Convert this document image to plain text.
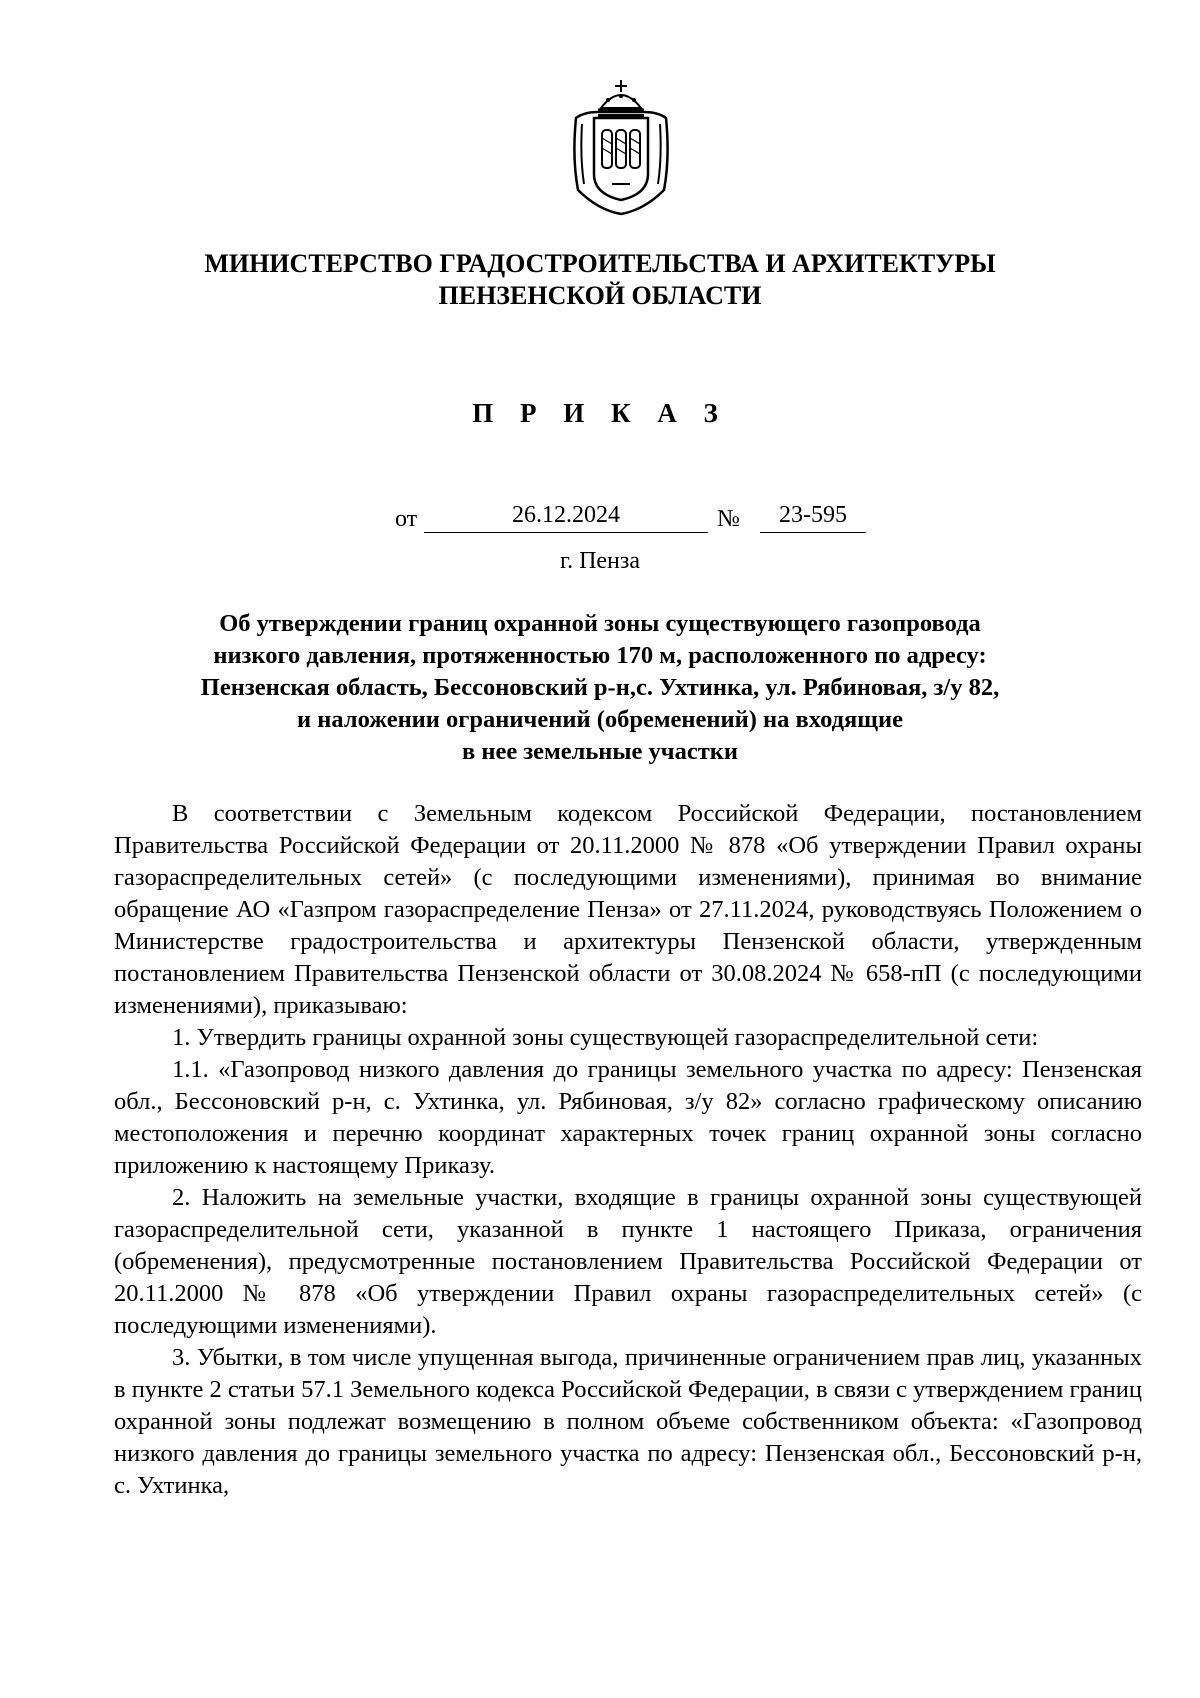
МИНИСТЕРСТВО ГРАДОСТРОИТЕЛЬСТВА И АРХИТЕКТУРЫ
ПЕНЗЕНСКОЙ ОБЛАСТИ
П Р И К А З
от	26.12.2024	№	23-595
г. Пенза
Об утверждении границ охранной зоны существующего газопровода
низкого давления, протяженностью 170 м, расположенного по адресу:
Пензенская область, Бессоновский р-н,с. Ухтинка, ул. Рябиновая, з/у 82,
и наложении ограничений (обременений) на входящие
в нее земельные участки

В соответствии с Земельным кодексом Российской Федерации, постановлением Правительства Российской Федерации от 20.11.2000 № 878 «Об утверждении Правил охраны газораспределительных сетей» (с последующими изменениями), принимая во внимание обращение АО «Газпром газораспределение Пенза» от 27.11.2024, руководствуясь Положением о Министерстве градостроительства и архитектуры Пензенской области, утвержденным постановлением Правительства Пензенской области от 30.08.2024 № 658-пП (с последующими изменениями), приказываю:

1. Утвердить границы охранной зоны существующей газораспределительной сети:

1.1. «Газопровод низкого давления до границы земельного участка по адресу: Пензенская обл., Бессоновский р-н, с. Ухтинка, ул. Рябиновая, з/у 82» согласно графическому описанию местоположения и перечню координат характерных точек границ охранной зоны согласно приложению к настоящему Приказу.

2. Наложить на земельные участки, входящие в границы охранной зоны существующей газораспределительной сети, указанной в пункте 1 настоящего Приказа, ограничения (обременения), предусмотренные постановлением Правительства Российской Федерации от 20.11.2000 № 878 «Об утверждении Правил охраны газораспределительных сетей» (с последующими изменениями).

3. Убытки, в том числе упущенная выгода, причиненные ограничением прав лиц, указанных в пункте 2 статьи 57.1 Земельного кодекса Российской Федерации, в связи с утверждением границ охранной зоны подлежат возмещению в полном объеме собственником объекта: «Газопровод низкого давления до границы земельного участка по адресу: Пензенская обл., Бессоновский р-н, с. Ухтинка,
